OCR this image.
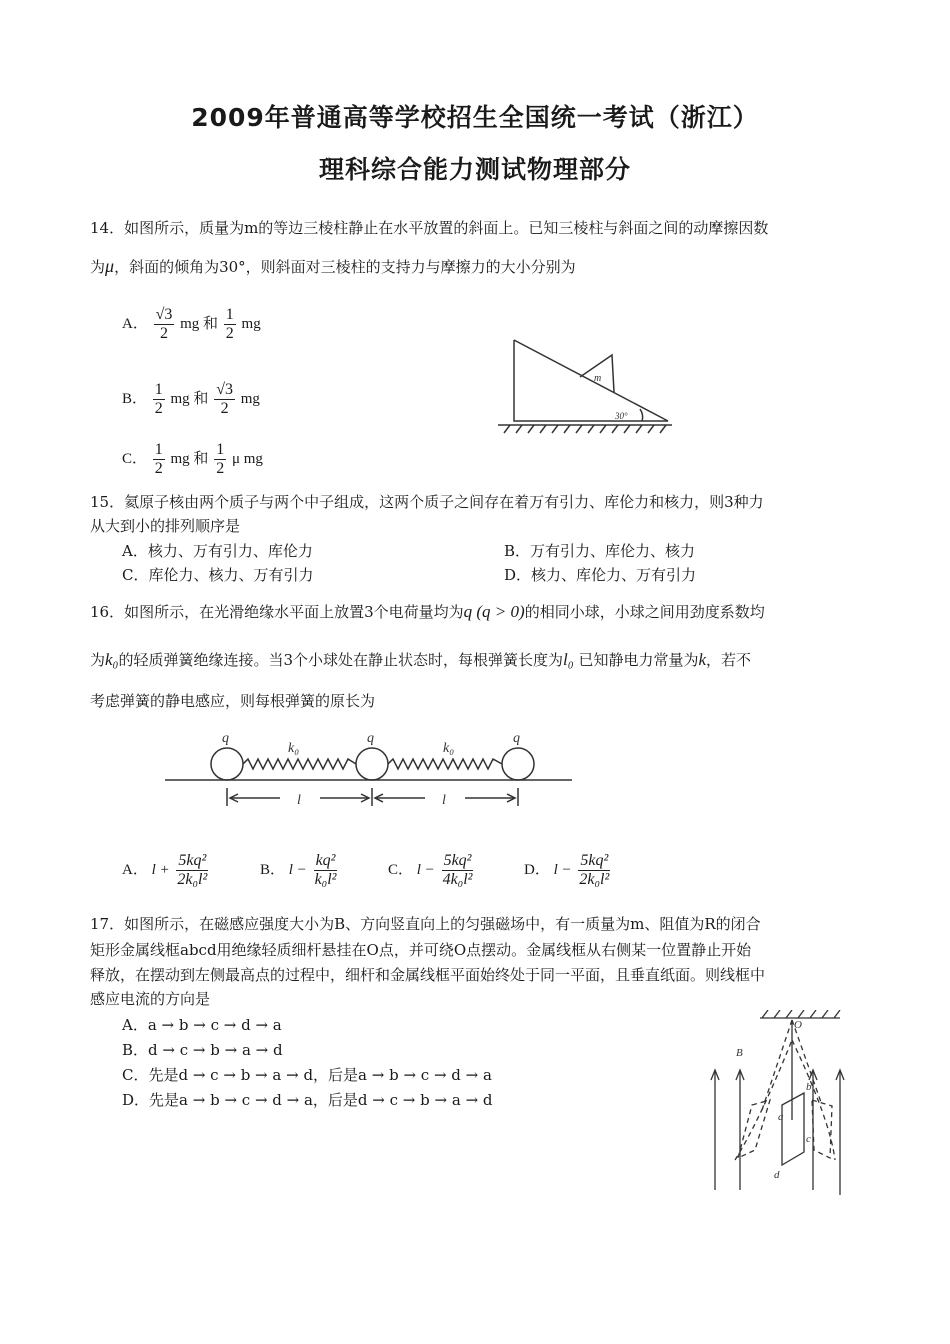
2009年普通高等学校招生全国统一考试（浙江）
理科综合能力测试物理部分
14．如图所示，质量为m的等边三棱柱静止在水平放置的斜面上。已知三棱柱与斜面之间的动摩擦因数
为μ，斜面的倾角为30°，则斜面对三棱柱的支持力与摩擦力的大小分别为
A． $\frac{√3}{2}$ mg 和 $\frac{1}{2}$ mg
B． $\frac{1}{2}$ mg 和 $\frac{√3}{2}$ mg
C． $\frac{1}{2}$ mg 和 $\frac{1}{2}$ μ mg
m
30°
15．氦原子核由两个质子与两个中子组成，这两个质子之间存在着万有引力、库伦力和核力，则3种力
从大到小的排列顺序是
A．核力、万有引力、库伦力	B．万有引力、库伦力、核力
C．库伦力、核力、万有引力	D．核力、库伦力、万有引力
16．如图所示，在光滑绝缘水平面上放置3个电荷量均为q (q > 0)的相同小球，小球之间用劲度系数均
为k₀的轻质弹簧绝缘连接。当3个小球处在静止状态时，每根弹簧长度为l₀ 已知静电力常量为k，若不
考虑弹簧的静电感应，则每根弹簧的原长为
q	q	q
k₀	k₀
l	l
A． $l + \frac{\text{5kq²}}{\text{2k₀l²}}$	B． $l - \frac{\text{kq²}}{\text{k₀l²}}$	C． $l - \frac{\text{5kq²}}{\text{4k₀l²}}$	D． $l - \frac{\text{5kq²}}{\text{2k₀l²}}$
17．如图所示，在磁感应强度大小为B、方向竖直向上的匀强磁场中，有一质量为m、阻值为R的闭合
矩形金属线框abcd用绝缘轻质细杆悬挂在O点，并可绕O点摆动。金属线框从右侧某一位置静止开始
释放，在摆动到左侧最高点的过程中，细杆和金属线框平面始终处于同一平面，且垂直纸面。则线框中
感应电流的方向是
A．a → b → c → d → a
B．d → c → b → a → d
C．先是d → c → b → a → d，后是a → b → c → d → a
D．先是a → b → c → d → a，后是d → c → b → a → d
B
O
a
b
c
d
